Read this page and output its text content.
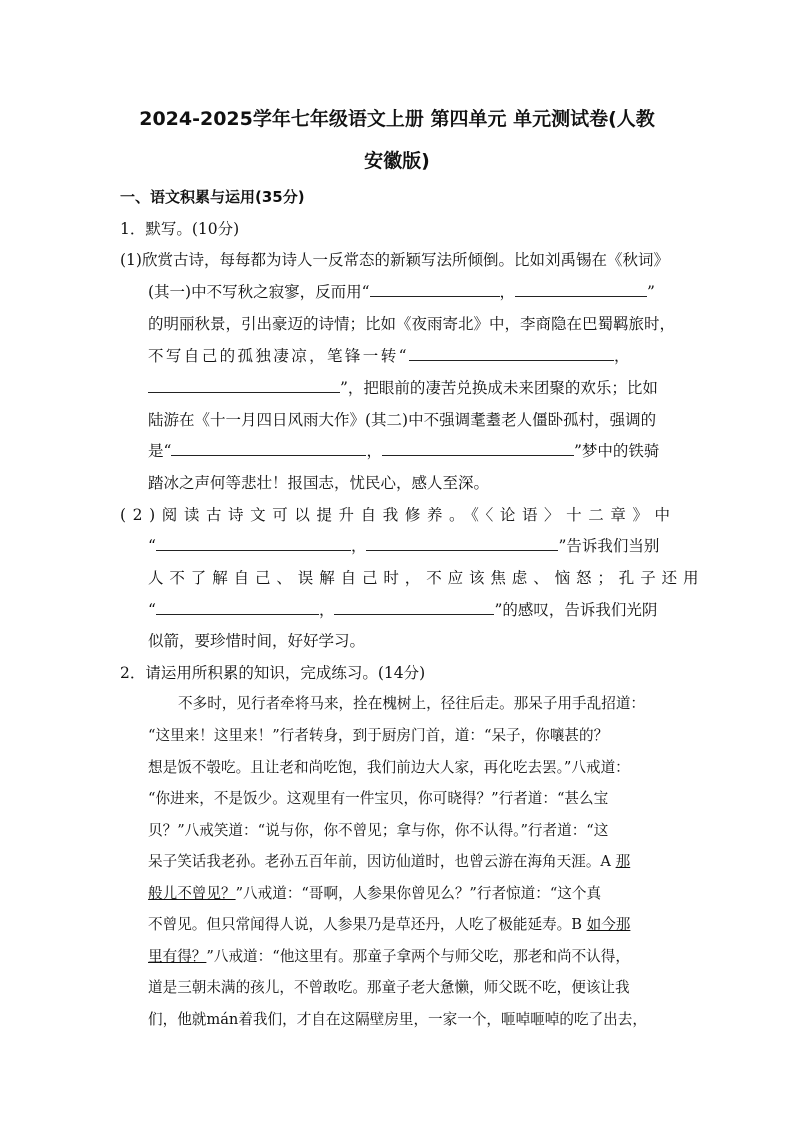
2024-2025学年七年级语文上册 第四单元 单元测试卷(人教
安徽版)
一、语文积累与运用(35分)
1．默写。(10分)
(1)欣赏古诗，每每都为诗人一反常态的新颖写法所倾倒。比如刘禹锡在《秋词》
(其一)中不写秋之寂寥，反而用“	，	”
的明丽秋景，引出豪迈的诗情；比如《夜雨寄北》中，李商隐在巴蜀羁旅时，
不写自己的孤独凄凉，笔锋一转“	，
”，把眼前的凄苦兑换成未来团聚的欢乐；比如
陆游在《十一月四日风雨大作》(其二)中不强调耄耋老人僵卧孤村，强调的
是“	，	”梦中的铁骑
踏冰之声何等悲壮！报国志，忧民心，感人至深。
(2)阅读古诗文可以提升自我修养。《〈论语〉十二章》中
“	，	”告诉我们当别
人不了解自己、误解自己时，不应该焦虑、恼怒；孔子还用
“	，	”的感叹，告诉我们光阴
似箭，要珍惜时间，好好学习。
2．请运用所积累的知识，完成练习。(14分)
不多时，见行者牵将马来，拴在槐树上，径往后走。那呆子用手乱招道：
“这里来！这里来！”行者转身，到于厨房门首，道：“呆子，你嚷甚的？
想是饭不彀吃。且让老和尚吃饱，我们前边大人家，再化吃去罢。”八戒道：
“你进来，不是饭少。这观里有一件宝贝，你可晓得？”行者道：“甚么宝
贝？”八戒笑道：“说与你，你不曾见；拿与你，你不认得。”行者道：“这
呆子笑话我老孙。老孙五百年前，因访仙道时，也曾云游在海角天涯。A 那
般儿不曾见？”八戒道：“哥啊，人参果你曾见么？”行者惊道：“这个真
不曾见。但只常闻得人说，人参果乃是草还丹，人吃了极能延寿。B 如今那
里有得？”八戒道：“他这里有。那童子拿两个与师父吃，那老和尚不认得，
道是三朝未满的孩儿，不曾敢吃。那童子老大惫懒，师父既不吃，便该让我
们，他就mán着我们，才自在这隔壁房里，一家一个，咂啅咂啅的吃了出去，
